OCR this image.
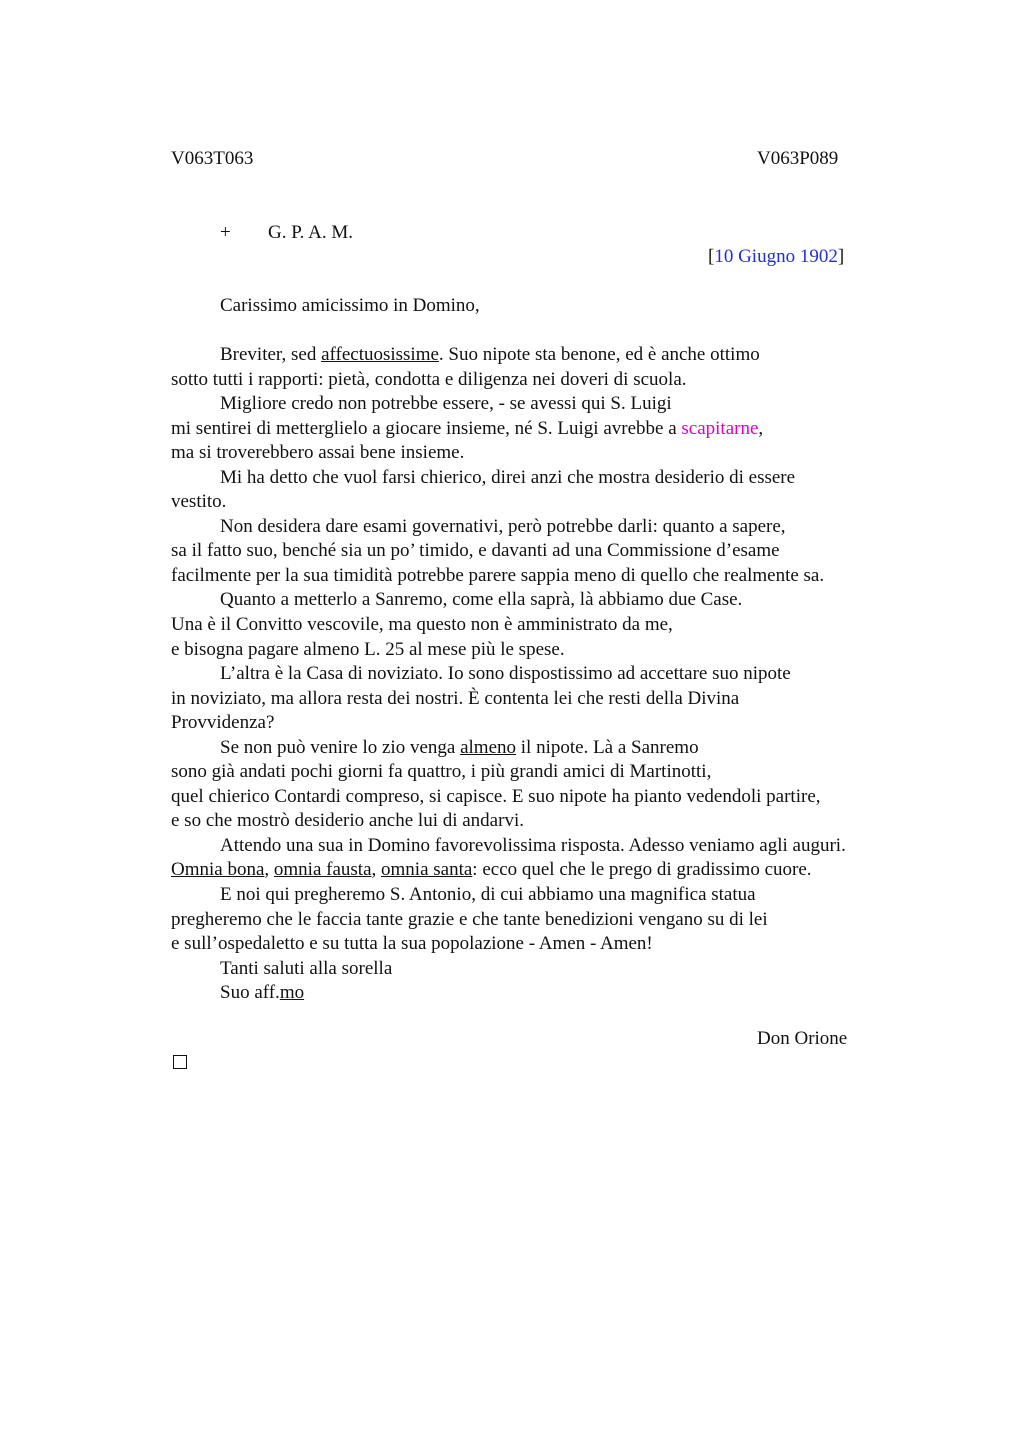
V063T063	V063P089
+ G. P. A. M.
[10 Giugno 1902]
Carissimo amicissimo in Domino,
Breviter, sed affectuosissime. Suo nipote sta benone, ed è anche ottimo
sotto tutti i rapporti: pietà, condotta e diligenza nei doveri di scuola.
Migliore credo non potrebbe essere, - se avessi qui S. Luigi
mi sentirei di metterglielo a giocare insieme, né S. Luigi avrebbe a scapitarne,
ma si troverebbero assai bene insieme.
Mi ha detto che vuol farsi chierico, direi anzi che mostra desiderio di essere
vestito.
Non desidera dare esami governativi, però potrebbe darli: quanto a sapere,
sa il fatto suo, benché sia un po’ timido, e davanti ad una Commissione d’esame
facilmente per la sua timidità potrebbe parere sappia meno di quello che realmente sa.
Quanto a metterlo a Sanremo, come ella saprà, là abbiamo due Case.
Una è il Convitto vescovile, ma questo non è amministrato da me,
e bisogna pagare almeno L. 25 al mese più le spese.
L’altra è la Casa di noviziato. Io sono dispostissimo ad accettare suo nipote
in noviziato, ma allora resta dei nostri. È contenta lei che resti della Divina
Provvidenza?
Se non può venire lo zio venga almeno il nipote. Là a Sanremo
sono già andati pochi giorni fa quattro, i più grandi amici di Martinotti,
quel chierico Contardi compreso, si capisce. E suo nipote ha pianto vedendoli partire,
e so che mostrò desiderio anche lui di andarvi.
Attendo una sua in Domino favorevolissima risposta. Adesso veniamo agli auguri.
Omnia bona, omnia fausta, omnia santa: ecco quel che le prego di gradissimo cuore.
E noi qui pregheremo S. Antonio, di cui abbiamo una magnifica statua
pregheremo che le faccia tante grazie e che tante benedizioni vengano su di lei
e sull’ospedaletto e su tutta la sua popolazione - Amen - Amen!
Tanti saluti alla sorella
Suo aff.mo
Don Orione
